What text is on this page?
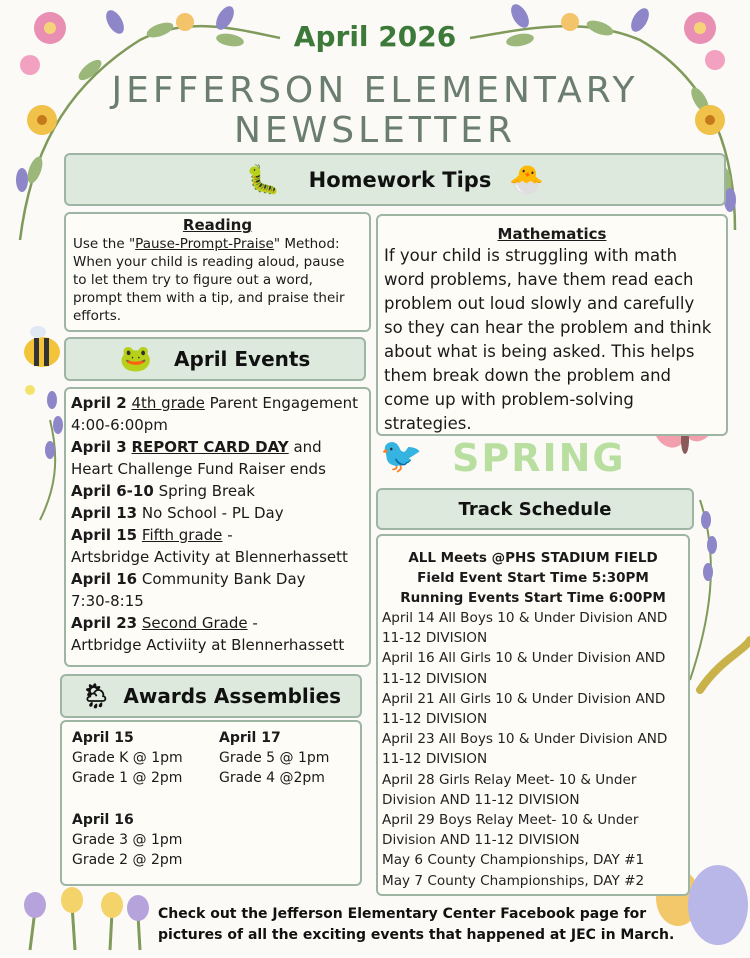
April 2026
JEFFERSON ELEMENTARY
NEWSLETTER
🐛 Homework Tips 🐣
Reading
Use the "Pause-Prompt-Praise" Method:
When your child is reading aloud, pause
to let them try to figure out a word,
prompt them with a tip, and praise their
efforts.
Mathematics
If your child is struggling with math
word problems, have them read each
problem out loud slowly and carefully
so they can hear the problem and think
about what is being asked. This helps
them break down the problem and
come up with problem-solving
strategies.
🐸 April Events
April 2 4th grade Parent Engagement
4:00-6:00pm
April 3 REPORT CARD DAY and
Heart Challenge Fund Raiser ends
April 6-10 Spring Break
April 13 No School - PL Day
April 15 Fifth grade -
Artsbridge Activity at Blennerhassett
April 16 Community Bank Day
7:30-8:15
April 23 Second Grade -
Artbridge Activiity at Blennerhassett
🐦 SPRING
Track Schedule
ALL Meets @PHS STADIUM FIELD
Field Event Start Time 5:30PM
Running Events Start Time 6:00PM
April 14 All Boys 10 & Under Division AND
11-12 DIVISION
April 16 All Girls 10 & Under Division AND
11-12 DIVISION
April 21 All Girls 10 & Under Division AND
11-12 DIVISION
April 23 All Boys 10 & Under Division AND
11-12 DIVISION
April 28 Girls Relay Meet- 10 & Under
Division AND 11-12 DIVISION
April 29 Boys Relay Meet- 10 & Under
Division AND 11-12 DIVISION
May 6 County Championships, DAY #1
May 7 County Championships, DAY #2
🌦 Awards Assemblies
April 15
Grade K @ 1pm
Grade 1 @ 2pm
April 17
Grade 5 @ 1pm
Grade 4 @2pm
April 16
Grade 3 @ 1pm
Grade 2 @ 2pm
Check out the Jefferson Elementary Center Facebook page for
pictures of all the exciting events that happened at JEC in March.
